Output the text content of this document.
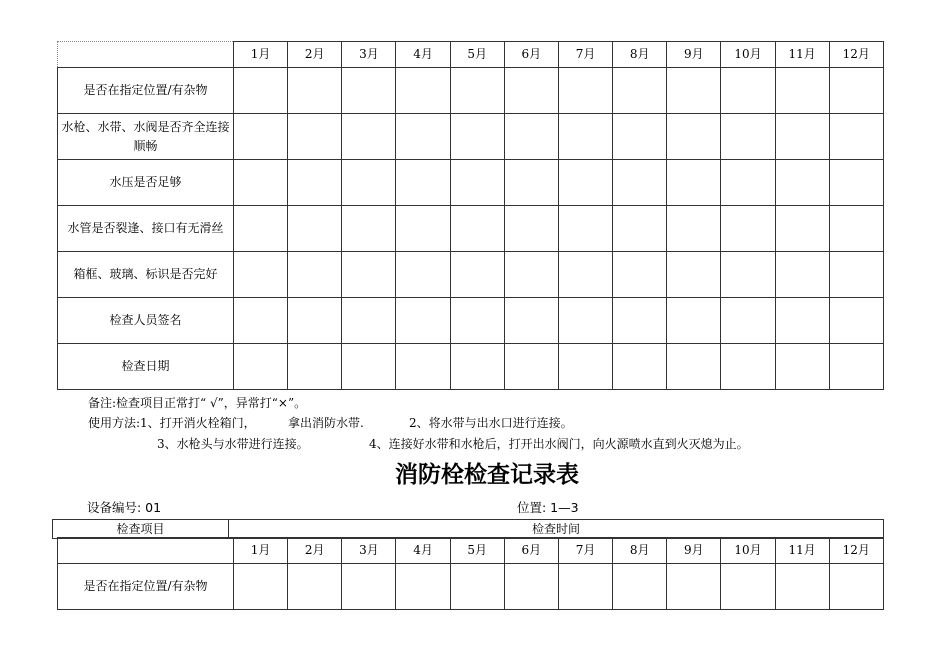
	1月	2月	3月	4月	5月	6月	7月	8月	9月	10月	11月	12月
是否在指定位置/有杂物												
水枪、水带、水阀是否齐全连接顺畅												
水压是否足够												
水管是否裂逢、接口有无滑丝												
箱框、玻璃、标识是否完好												
检查人员签名												
检查日期												
备注:检查项目正常打“ √”，异常打“×”。
使用方法:1、打开消火栓箱门，	拿出消防水带.	2、将水带与出水口进行连接。
3、水枪头与水带进行连接。	4、连接好水带和水枪后，打开出水阀门，向火源喷水直到火灭熄为止。
消防栓检查记录表
设备编号: 01	位置: 1—3
检查项目	检查时间
	1月	2月	3月	4月	5月	6月	7月	8月	9月	10月	11月	12月
是否在指定位置/有杂物												
